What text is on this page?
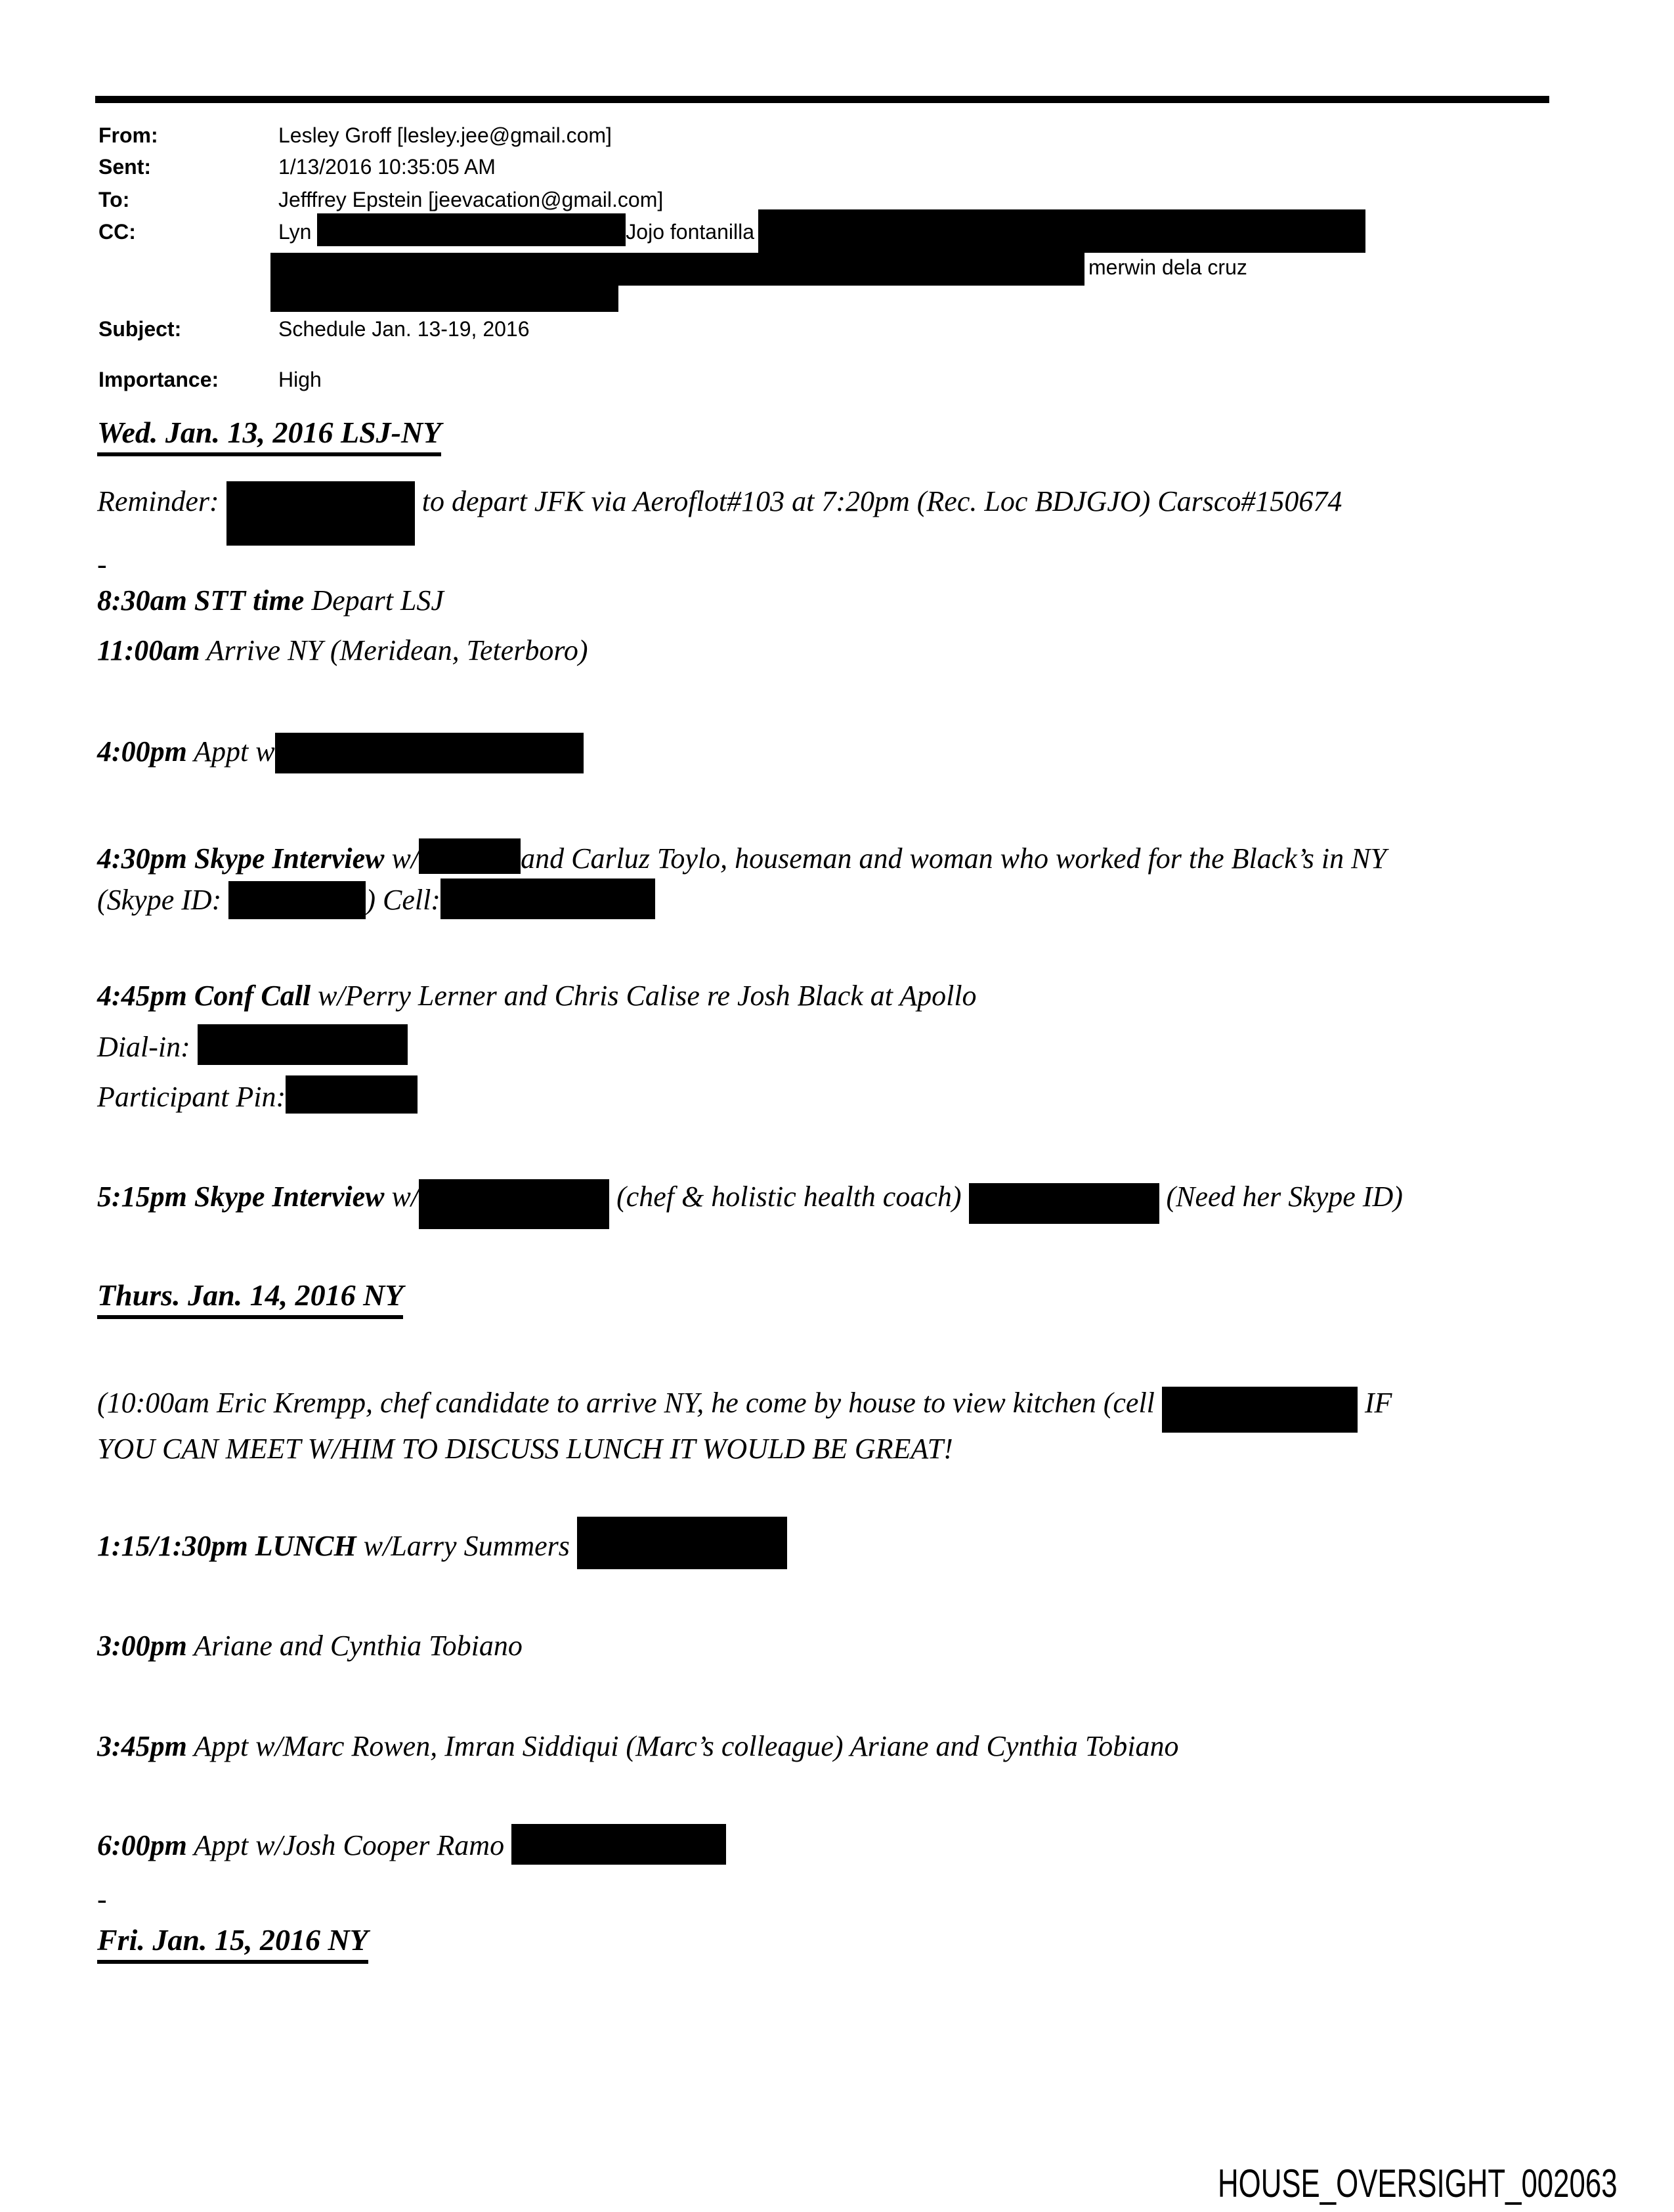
From:	Lesley Groff [lesley.jee@gmail.com]
Sent:	1/13/2016 10:35:05 AM
To:	Jefffrey Epstein [jeevacation@gmail.com]
CC:	Lyn	Jojo fontanilla
merwin dela cruz
Subject:	Schedule Jan. 13-19, 2016
Importance:	High
Wed. Jan. 13, 2016 LSJ-NY
Reminder:	to depart JFK via Aeroflot#103 at 7:20pm (Rec. Loc BDJGJO) Carsco#150674
-
8:30am STT time Depart LSJ
11:00am Arrive NY (Meridean, Teterboro)
4:00pm Appt w
4:30pm Skype Interview w/	and Carluz Toylo, houseman and woman who worked for the Black’s in NY
(Skype ID:	) Cell:
4:45pm Conf Call w/Perry Lerner and Chris Calise re Josh Black at Apollo
Dial-in:
Participant Pin:
5:15pm Skype Interview w/	(chef & holistic health coach)	(Need her Skype ID)
Thurs. Jan. 14, 2016 NY
(10:00am Eric Krempp, chef candidate to arrive NY, he come by house to view kitchen (cell	IF
YOU CAN MEET W/HIM TO DISCUSS LUNCH IT WOULD BE GREAT!
1:15/1:30pm LUNCH w/Larry Summers
3:00pm Ariane and Cynthia Tobiano
3:45pm Appt w/Marc Rowen, Imran Siddiqui (Marc’s colleague) Ariane and Cynthia Tobiano
6:00pm Appt w/Josh Cooper Ramo
-
Fri. Jan. 15, 2016 NY
HOUSE_OVERSIGHT_002063
